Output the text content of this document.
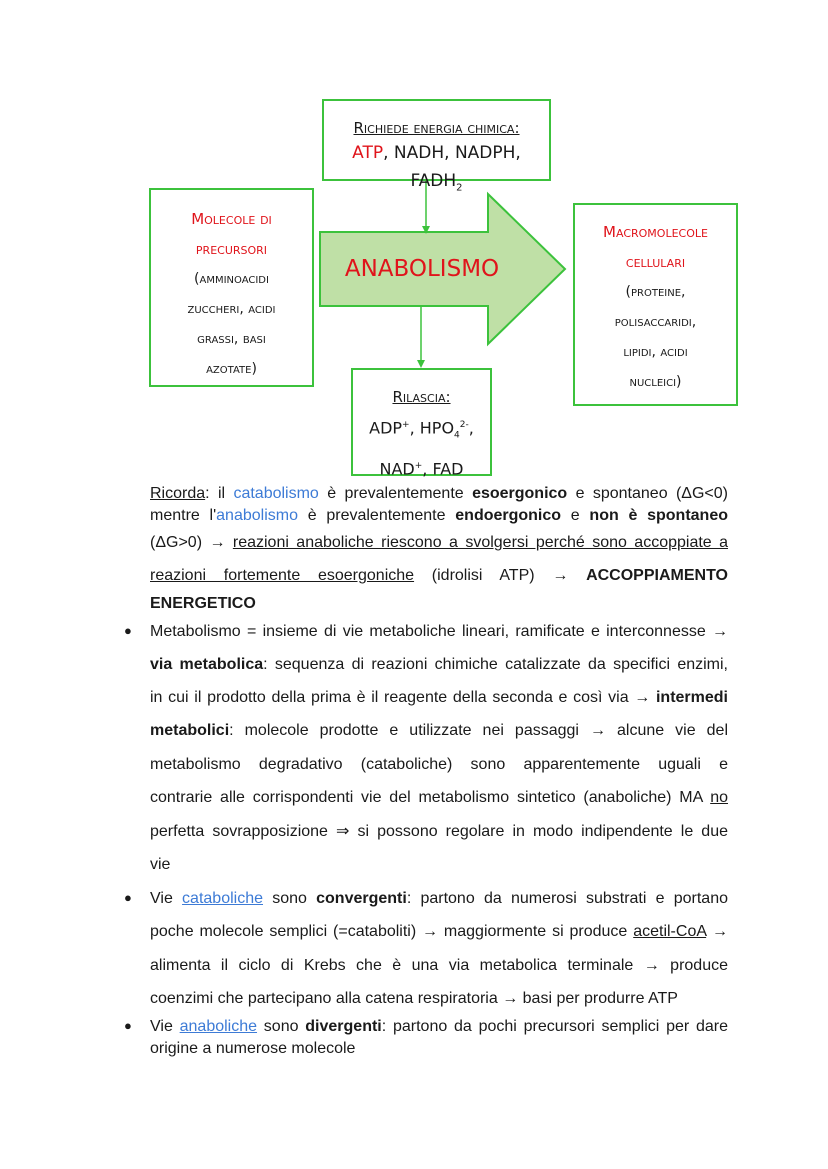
Richiede energia chimica:
ATP, NADH, NADPH, $FADH_2$
Molecole di
precursori
(amminoacidi
zuccheri, acidi
grassi, basi
azotate)
ANABOLISMO
Macromolecole
cellulari
(proteine,
polisaccaridi,
lipidi, acidi
nucleici)
Rilascia:
ADP+, $HPO_4^{2-}$,
NAD+, FAD
Ricorda: il catabolismo è prevalentemente esoergonico e spontaneo (ΔG<0)
mentre l'anabolismo è prevalentemente endoergonico e non è spontaneo
(ΔG>0) → reazioni anaboliche riescono a svolgersi perché sono accoppiate a
reazioni fortemente esoergoniche (idrolisi ATP) → ACCOPPIAMENTO
ENERGETICO
● Metabolismo = insieme di vie metaboliche lineari, ramificate e interconnesse →
via metabolica: sequenza di reazioni chimiche catalizzate da specifici enzimi,
in cui il prodotto della prima è il reagente della seconda e così via → intermedi
metabolici: molecole prodotte e utilizzate nei passaggi → alcune vie del
metabolismo degradativo (cataboliche) sono apparentemente uguali e
contrarie alle corrispondenti vie del metabolismo sintetico (anaboliche) MA no
perfetta sovrapposizione ⇒ si possono regolare in modo indipendente le due
vie
● Vie cataboliche sono convergenti: partono da numerosi substrati e portano
poche molecole semplici (=cataboliti) → maggiormente si produce acetil-CoA →
alimenta il ciclo di Krebs che è una via metabolica terminale → produce
coenzimi che partecipano alla catena respiratoria → basi per produrre ATP
● Vie anaboliche sono divergenti: partono da pochi precursori semplici per dare
origine a numerose molecole
